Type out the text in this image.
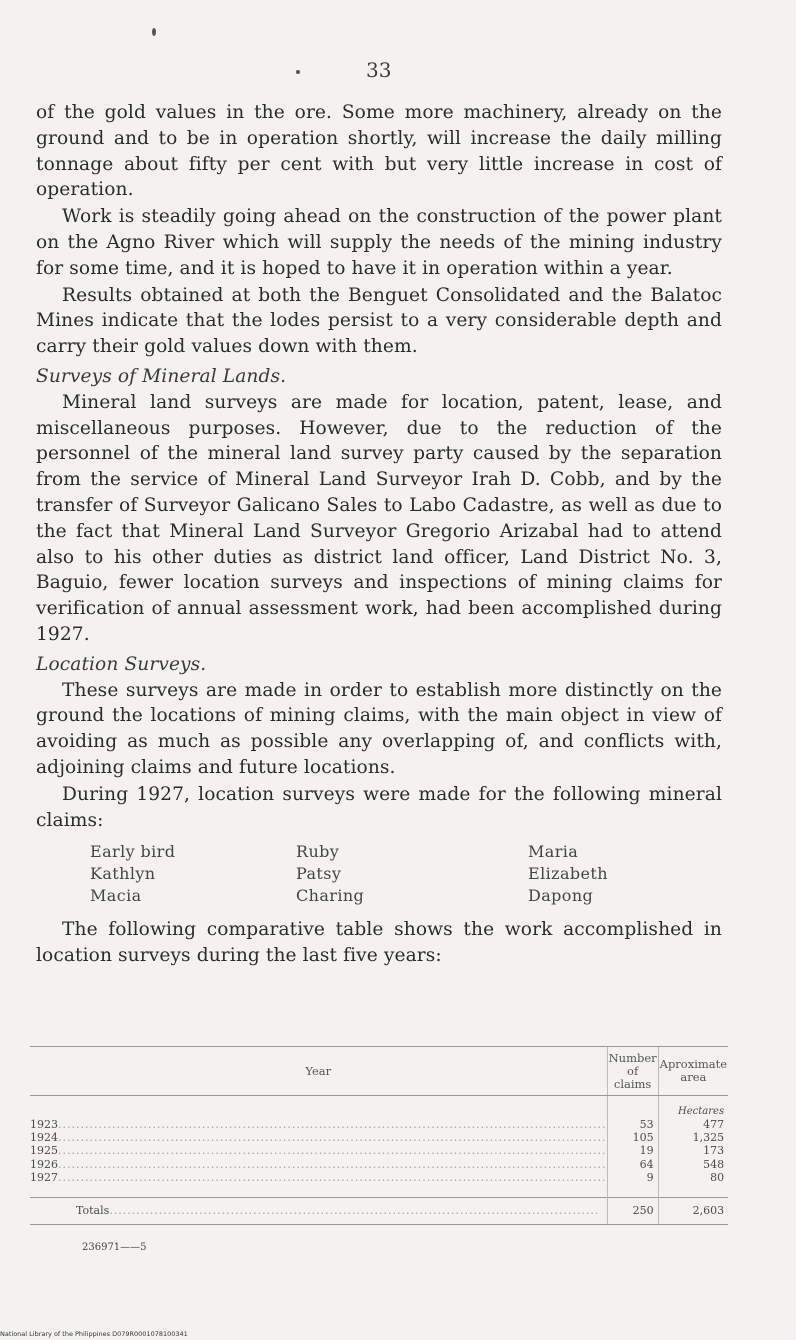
33

of the gold values in the ore. Some more machinery, already on the ground and to be in operation shortly, will increase the daily milling tonnage about fifty per cent with but very little increase in cost of operation.

Work is steadily going ahead on the construction of the power plant on the Agno River which will supply the needs of the mining industry for some time, and it is hoped to have it in operation within a year.

Results obtained at both the Benguet Consolidated and the Balatoc Mines indicate that the lodes persist to a very considerable depth and carry their gold values down with them.

Surveys of Mineral Lands.

Mineral land surveys are made for location, patent, lease, and miscellaneous purposes. However, due to the reduction of the personnel of the mineral land survey party caused by the separation from the service of Mineral Land Surveyor Irah D. Cobb, and by the transfer of Surveyor Galicano Sales to Labo Cadastre, as well as due to the fact that Mineral Land Surveyor Gregorio Arizabal had to attend also to his other duties as district land officer, Land District No. 3, Baguio, fewer location surveys and inspections of mining claims for verification of annual assessment work, had been accomplished during 1927.

Location Surveys.

These surveys are made in order to establish more distinctly on the ground the locations of mining claims, with the main object in view of avoiding as much as possible any overlapping of, and conflicts with, adjoining claims and future locations.

During 1927, location surveys were made for the following mineral claims:

Early bird	Ruby	Maria
Kathlyn	Patsy	Elizabeth
Macia	Charing	Dapong

The following comparative table shows the work accomplished in location surveys during the last five years:

Year	Number of claims	Aproximate area
		Hectares
1923..........................................................................................................................	53	477
1924..........................................................................................................................	105	1,325
1925..........................................................................................................................	19	173
1926..........................................................................................................................	64	548
1927..........................................................................................................................	9	80

Totals.............................................................................................................	250	2,603
236971——5
National Library of the Philippines D079R0001078100341
